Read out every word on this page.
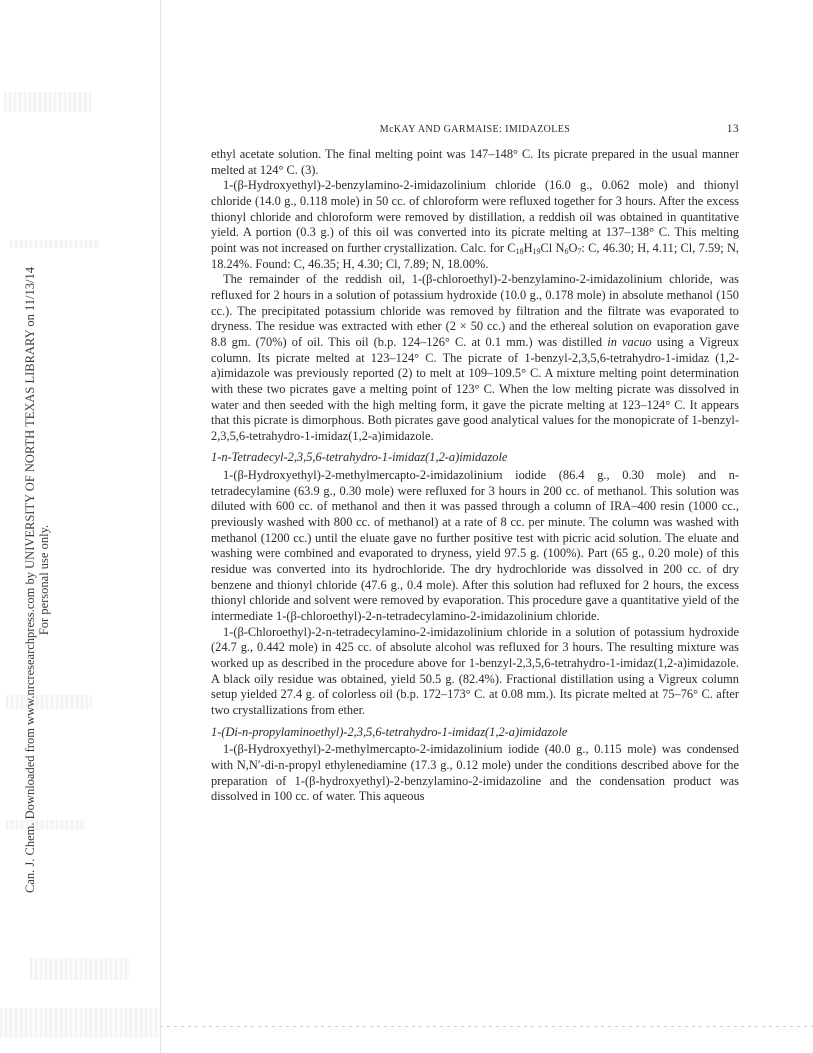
Can. J. Chem. Downloaded from www.nrcresearchpress.com by UNIVERSITY OF NORTH TEXAS LIBRARY on 11/13/14 For personal use only.
McKAY AND GARMAISE: IMIDAZOLES	13

ethyl acetate solution. The final melting point was 147–148° C. Its picrate prepared in the usual manner melted at 124° C. (3).

1-(β-Hydroxyethyl)-2-benzylamino-2-imidazolinium chloride (16.0 g., 0.062 mole) and thionyl chloride (14.0 g., 0.118 mole) in 50 cc. of chloroform were refluxed together for 3 hours. After the excess thionyl chloride and chloroform were removed by distillation, a reddish oil was obtained in quantitative yield. A portion (0.3 g.) of this oil was converted into its picrate melting at 137–138° C. This melting point was not increased on further crystallization. Calc. for $C_{18}H_{19}Cl$ $N_6O_7$: C, 46.30; H, 4.11; Cl, 7.59; N, 18.24%. Found: C, 46.35; H, 4.30; Cl, 7.89; N, 18.00%.

The remainder of the reddish oil, 1-(β-chloroethyl)-2-benzylamino-2-imidazolinium chloride, was refluxed for 2 hours in a solution of potassium hydroxide (10.0 g., 0.178 mole) in absolute methanol (150 cc.). The precipitated potassium chloride was removed by filtration and the filtrate was evaporated to dryness. The residue was extracted with ether (2 × 50 cc.) and the ethereal solution on evaporation gave 8.8 gm. (70%) of oil. This oil (b.p. 124–126° C. at 0.1 mm.) was distilled in vacuo using a Vigreux column. Its picrate melted at 123–124° C. The picrate of 1-benzyl-2,3,5,6-tetrahydro-1-imidaz (1,2-a)imidazole was previously reported (2) to melt at 109–109.5° C. A mixture melting point determination with these two picrates gave a melting point of 123° C. When the low melting picrate was dissolved in water and then seeded with the high melting form, it gave the picrate melting at 123–124° C. It appears that this picrate is dimorphous. Both picrates gave good analytical values for the monopicrate of 1-benzyl-2,3,5,6-tetrahydro-1-imidaz(1,2-a)imidazole.

1-n-Tetradecyl-2,3,5,6-tetrahydro-1-imidaz(1,2-a)imidazole

1-(β-Hydroxyethyl)-2-methylmercapto-2-imidazolinium iodide (86.4 g., 0.30 mole) and n-tetradecylamine (63.9 g., 0.30 mole) were refluxed for 3 hours in 200 cc. of methanol. This solution was diluted with 600 cc. of methanol and then it was passed through a column of IRA–400 resin (1000 cc., previously washed with 800 cc. of methanol) at a rate of 8 cc. per minute. The column was washed with methanol (1200 cc.) until the eluate gave no further positive test with picric acid solution. The eluate and washing were combined and evaporated to dryness, yield 97.5 g. (100%). Part (65 g., 0.20 mole) of this residue was converted into its hydrochloride. The dry hydrochloride was dissolved in 200 cc. of dry benzene and thionyl chloride (47.6 g., 0.4 mole). After this solution had refluxed for 2 hours, the excess thionyl chloride and solvent were removed by evaporation. This procedure gave a quantitative yield of the intermediate 1-(β-chloroethyl)-2-n-tetradecylamino-2-imidazolinium chloride.

1-(β-Chloroethyl)-2-n-tetradecylamino-2-imidazolinium chloride in a solution of potassium hydroxide (24.7 g., 0.442 mole) in 425 cc. of absolute alcohol was refluxed for 3 hours. The resulting mixture was worked up as described in the procedure above for 1-benzyl-2,3,5,6-tetrahydro-1-imidaz(1,2-a)imidazole. A black oily residue was obtained, yield 50.5 g. (82.4%). Fractional distillation using a Vigreux column setup yielded 27.4 g. of colorless oil (b.p. 172–173° C. at 0.08 mm.). Its picrate melted at 75–76° C. after two crystallizations from ether.

1-(Di-n-propylaminoethyl)-2,3,5,6-tetrahydro-1-imidaz(1,2-a)imidazole

1-(β-Hydroxyethyl)-2-methylmercapto-2-imidazolinium iodide (40.0 g., 0.115 mole) was condensed with N,N′-di-n-propyl ethylenediamine (17.3 g., 0.12 mole) under the conditions described above for the preparation of 1-(β-hydroxyethyl)-2-benzylamino-2-imidazoline and the condensation product was dissolved in 100 cc. of water. This aqueous
